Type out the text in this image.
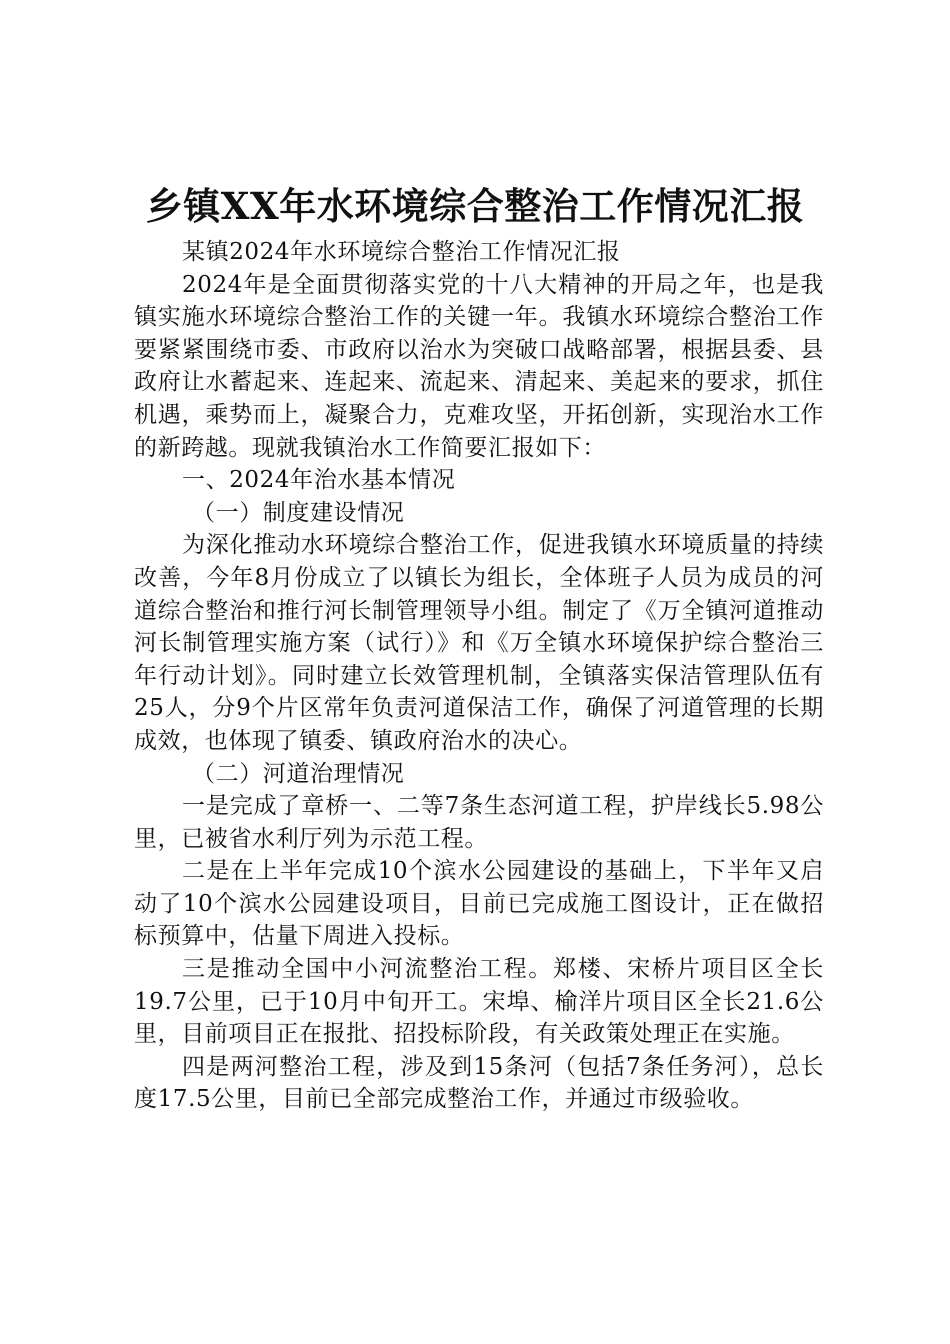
乡镇XX年水环境综合整治工作情况汇报

某镇2024年水环境综合整治工作情况汇报

2024年是全面贯彻落实党的十八大精神的开局之年，也是我镇实施水环境综合整治工作的关键一年。我镇水环境综合整治工作要紧紧围绕市委、市政府以治水为突破口战略部署，根据县委、县政府让水蓄起来、连起来、流起来、清起来、美起来的要求，抓住机遇，乘势而上，凝聚合力，克难攻坚，开拓创新，实现治水工作的新跨越。现就我镇治水工作简要汇报如下：

一、2024年治水基本情况

（一）制度建设情况

为深化推动水环境综合整治工作，促进我镇水环境质量的持续改善，今年8月份成立了以镇长为组长，全体班子人员为成员的河道综合整治和推行河长制管理领导小组。制定了《万全镇河道推动河长制管理实施方案（试行）》和《万全镇水环境保护综合整治三年行动计划》。同时建立长效管理机制，全镇落实保洁管理队伍有25人，分9个片区常年负责河道保洁工作，确保了河道管理的长期成效，也体现了镇委、镇政府治水的决心。

（二）河道治理情况

一是完成了章桥一、二等7条生态河道工程，护岸线长5.98公里，已被省水利厅列为示范工程。

二是在上半年完成10个滨水公园建设的基础上，下半年又启动了10个滨水公园建设项目，目前已完成施工图设计，正在做招标预算中，估量下周进入投标。

三是推动全国中小河流整治工程。郑楼、宋桥片项目区全长19.7公里，已于10月中旬开工。宋埠、榆洋片项目区全长21.6公里，目前项目正在报批、招投标阶段，有关政策处理正在实施。

四是两河整治工程，涉及到15条河（包括7条任务河），总长度17.5公里，目前已全部完成整治工作，并通过市级验收。
